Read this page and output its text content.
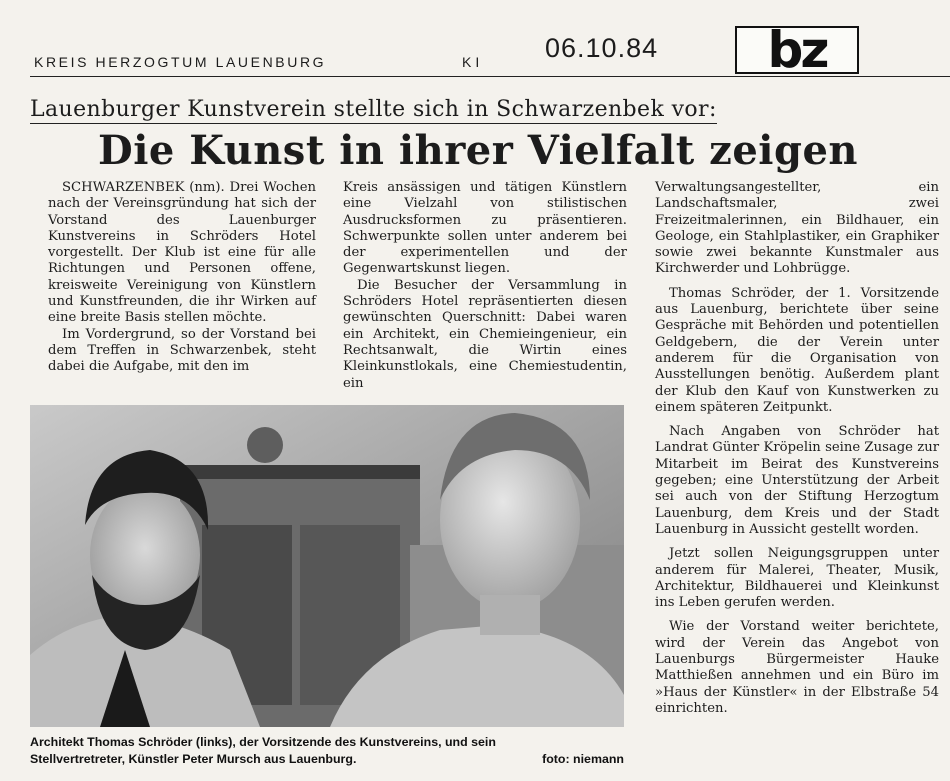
KREIS HERZOGTUM LAUENBURG	KI 06.10.84 bz
Lauenburger Kunstverein stellte sich in Schwarzenbek vor:
Die Kunst in ihrer Vielfalt zeigen

SCHWARZENBEK (nm). Drei Wochen nach der Vereinsgründung hat sich der Vorstand des Lauenburger Kunstvereins in Schröders Hotel vorgestellt. Der Klub ist eine für alle Richtungen und Personen offene, kreisweite Vereinigung von Künstlern und Kunstfreunden, die ihr Wirken auf eine breite Basis stellen möchte.

Im Vordergrund, so der Vorstand bei dem Treffen in Schwarzenbek, steht dabei die Aufgabe, mit den im

Kreis ansässigen und tätigen Künstlern eine Vielzahl von stilistischen Ausdrucksformen zu präsentieren. Schwerpunkte sollen unter anderem bei der experimentellen und der Gegenwartskunst liegen.

Die Besucher der Versammlung in Schröders Hotel repräsentierten diesen gewünschten Querschnitt: Dabei waren ein Architekt, ein Chemieingenieur, ein Rechtsanwalt, die Wirtin eines Kleinkunstlokals, eine Chemiestudentin, ein

Verwaltungsangestellter, ein Landschaftsmaler, zwei Freizeitmalerinnen, ein Bildhauer, ein Geologe, ein Stahlplastiker, ein Graphiker sowie zwei bekannte Kunstmaler aus Kirchwerder und Lohbrügge.

Thomas Schröder, der 1. Vorsitzende aus Lauenburg, berichtete über seine Gespräche mit Behörden und potentiellen Geldgebern, die der Verein unter anderem für die Organisation von Ausstellungen benötig. Außerdem plant der Klub den Kauf von Kunstwerken zu einem späteren Zeitpunkt.

Nach Angaben von Schröder hat Landrat Günter Kröpelin seine Zusage zur Mitarbeit im Beirat des Kunstvereins gegeben; eine Unterstützung der Arbeit sei auch von der Stiftung Herzogtum Lauenburg, dem Kreis und der Stadt Lauenburg in Aussicht gestellt worden.

Jetzt sollen Neigungsgruppen unter anderem für Malerei, Theater, Musik, Architektur, Bildhauerei und Kleinkunst ins Leben gerufen werden.

Wie der Vorstand weiter berichtete, wird der Verein das Angebot von Lauenburgs Bürgermeister Hauke Matthießen annehmen und ein Büro im »Haus der Künstler« in der Elbstraße 54 einrichten.

Architekt Thomas Schröder (links), der Vorsitzende des Kunstvereins, und sein
Stellvertretreter, Künstler Peter Mursch aus Lauenburg.	foto: niemann
